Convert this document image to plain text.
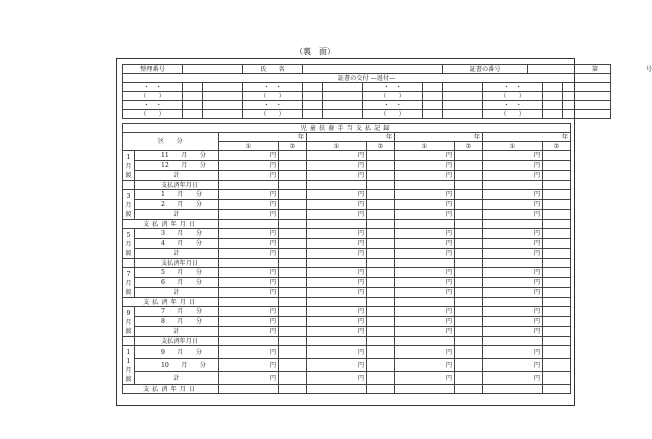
（裏　面）
整理番号			氏　　名					証書の番号		第 号		
証書の交付 —返付—												
・　・			・　・			・　・			・　・			
（　　）			（　　）			（　　）			（　　）			
・　・			・　・			・　・			・　・			
（　　）			（　　）			（　　）			（　　）			
児童扶養手当支払記録									
区　　分		年		年		年		年	
		①	②	①	②	①	②	①	②
1
月
渡	11　　月　　分	円		円		円		円	
	12　　月　　分	円		円		円		円	
	計	円		円		円		円	
	支払済年月日								
3
月
渡	1　　月　　分	円		円		円		円	
	2　　月　　分	円		円		円		円	
	計	円		円		円		円	
支払済年月日									
5
月
渡	3　　月　　分	円		円		円		円	
	4　　月　　分	円		円		円		円	
	計	円		円		円		円	
	支払済年月日								
7
月
渡	5　　月　　分	円		円		円		円	
	6　　月　　分	円		円		円		円	
	計	円		円		円		円	
支払済年月日									
9
月
渡	7　　月　　分	円		円		円		円	
	8　　月　　分	円		円		円		円	
	計	円		円		円		円	
	支払済年月日								
1
1
月
渡	9　　月　　分	円		円		円		円	
	10　　月　　分	円		円		円		円	
	計	円		円		円		円	
支払済年月日									
